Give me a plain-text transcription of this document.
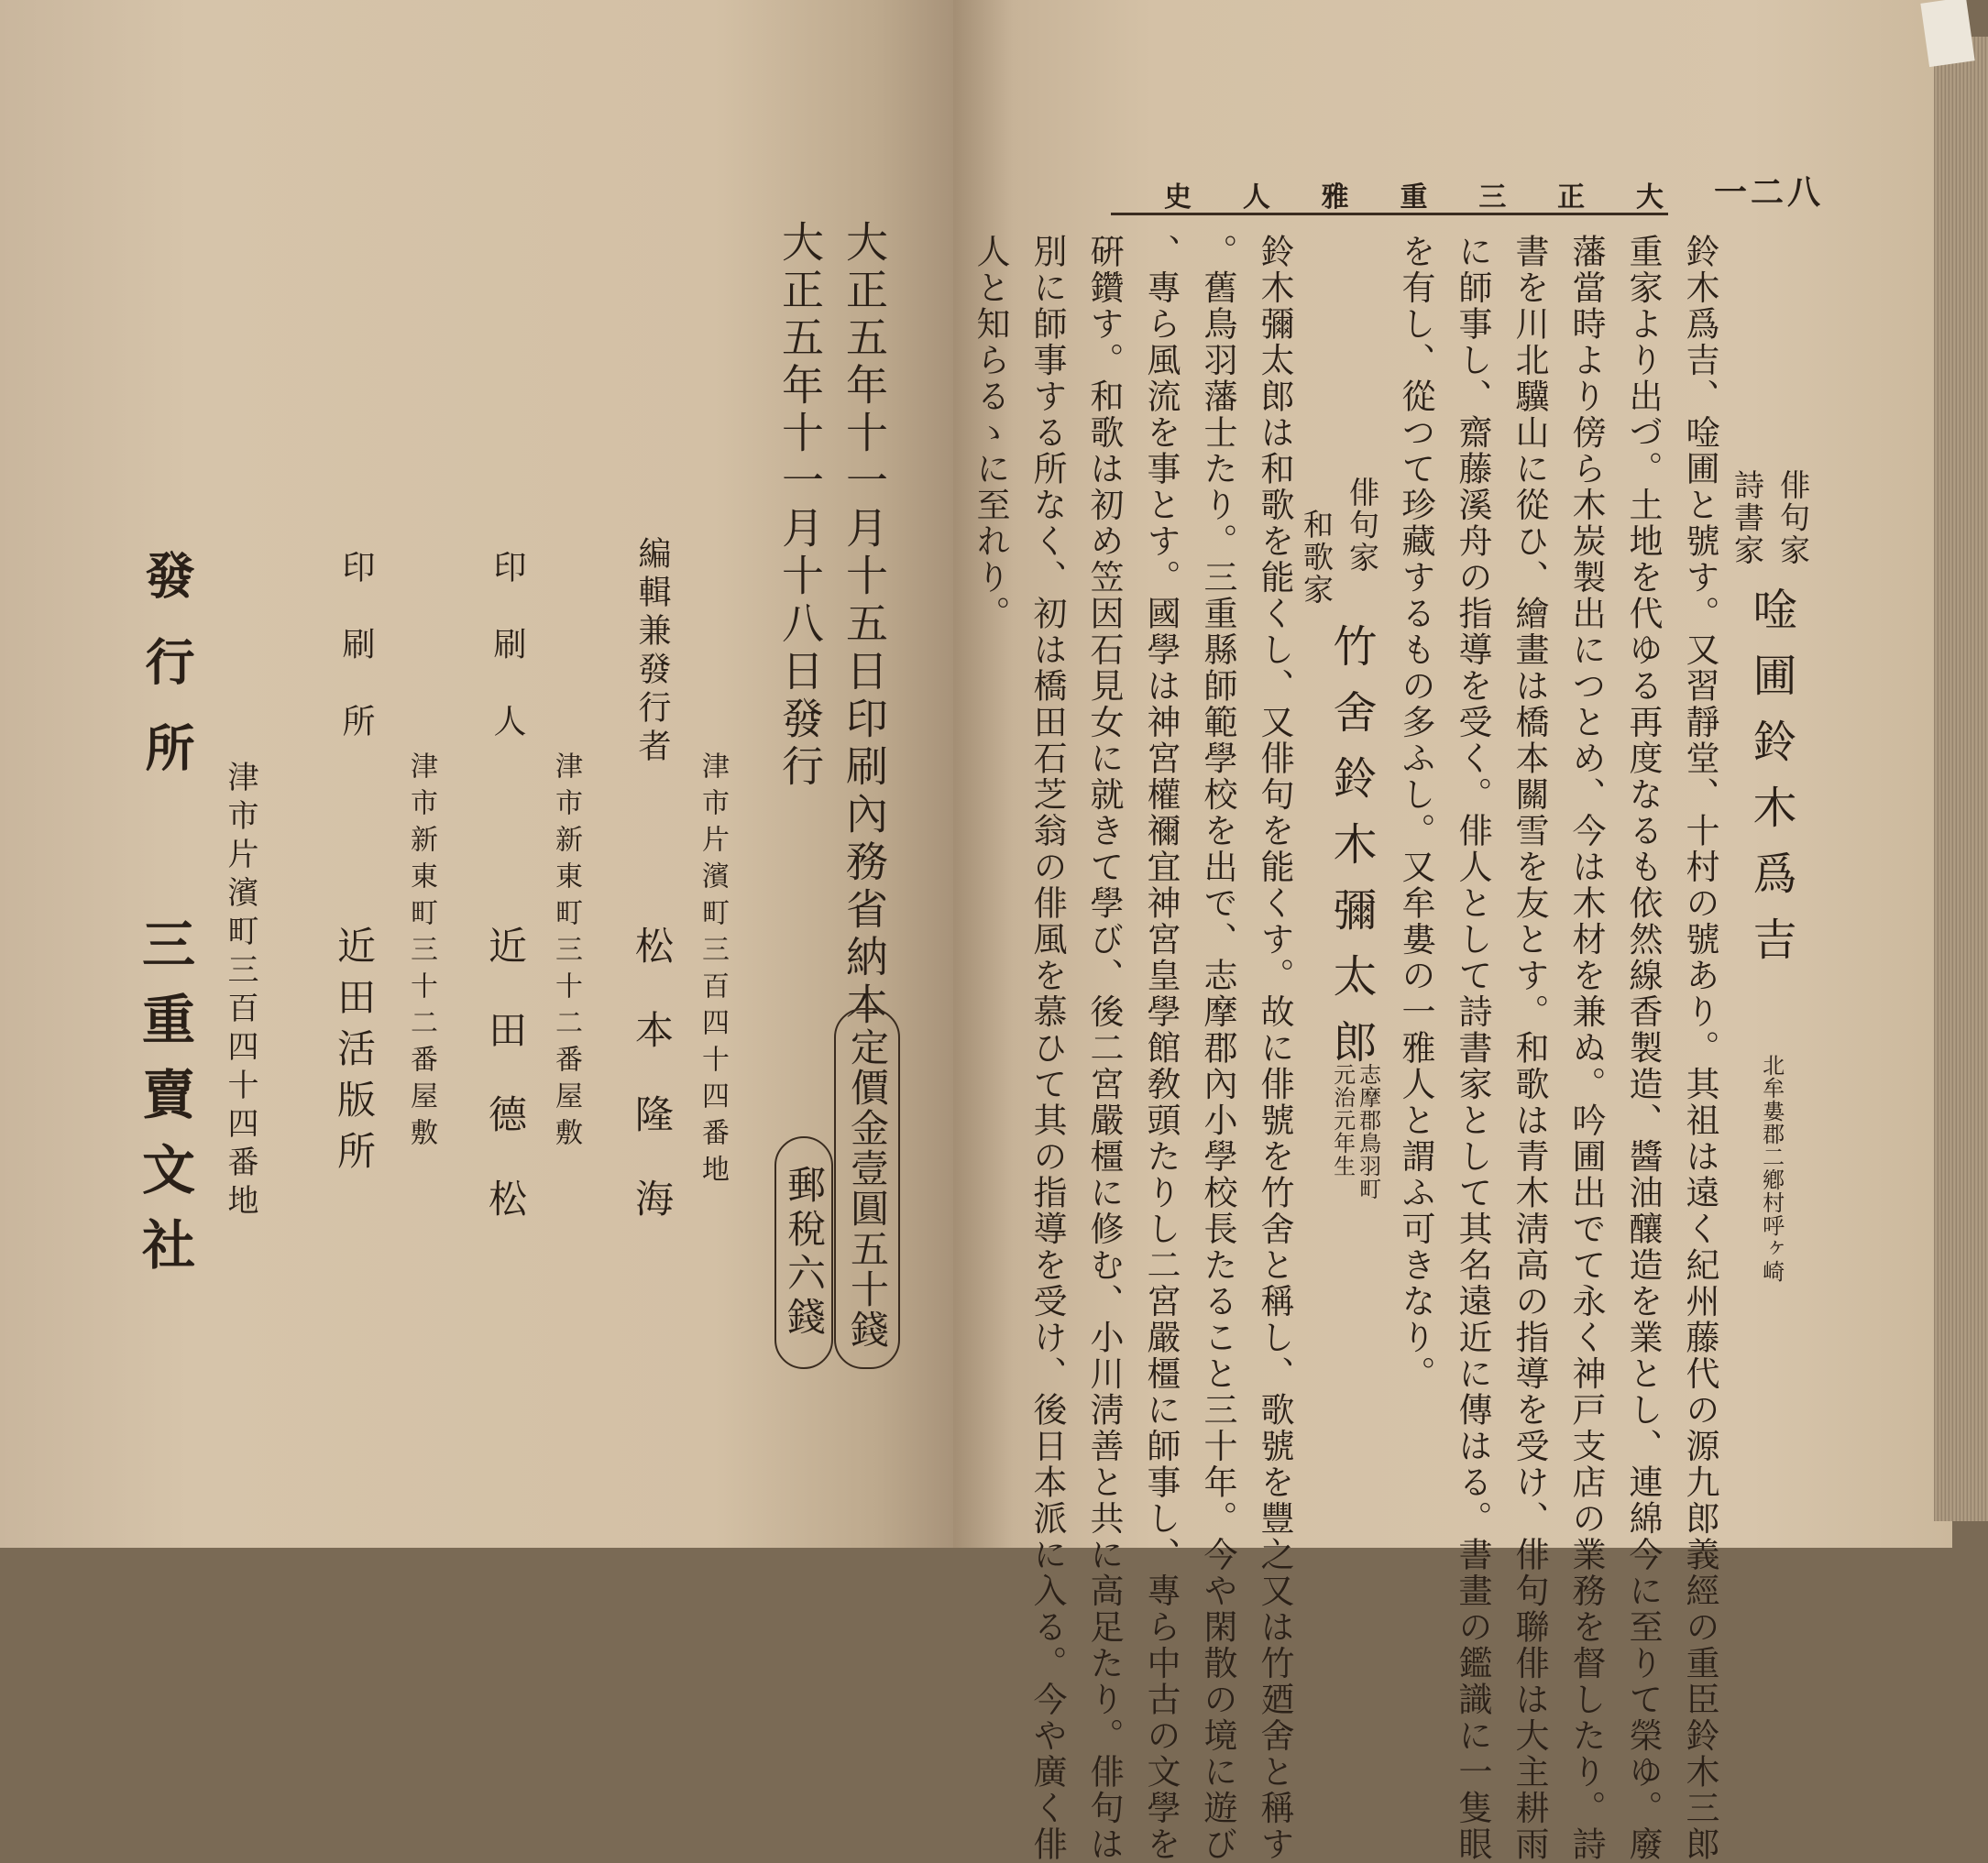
一二八
史 人 雅 重 三 正 大
北牟婁郡二鄕村呼ヶ崎
唫圃鈴木爲吉
俳句家
詩書家
鈴木爲吉、唫圃と號す。又習靜堂、十村の號あり。其祖は遠く紀州藤代の源九郎義經の重臣鈴木三郎
重家より出づ。土地を代ゆる再度なるも依然線香製造、醬油釀造を業とし、連綿今に至りて榮ゆ。廢
藩當時より傍ら木炭製出につとめ、今は木材を兼ぬ。吟圃出でて永く神戸支店の業務を督したり。詩
書を川北驥山に從ひ、繪畫は橋本關雪を友とす。和歌は青木淸高の指導を受け、俳句聯俳は大主耕雨
に師事し、齋藤溪舟の指導を受く。俳人として詩書家として其名遠近に傳はる。書畫の鑑識に一隻眼
を有し、從つて珍藏するもの多ふし。又牟婁の一雅人と謂ふ可きなり。
俳句家
和歌家
竹舍鈴木彌太郎
志摩郡鳥羽町
元治元年生
鈴木彌太郎は和歌を能くし、又俳句を能くす。故に俳號を竹舍と稱し、歌號を豐之又は竹廼舍と稱す
。舊鳥羽藩士たり。三重縣師範學校を出で、志摩郡內小學校長たること三十年。今や閑散の境に遊び
、專ら風流を事とす。國學は神宮權禰宜神宮皇學館敎頭たりし二宮嚴橿に師事し、專ら中古の文學を
硏鑽す。和歌は初め笠因石見女に就きて學び、後二宮嚴橿に修む、小川淸善と共に高足たり。俳句は
別に師事する所なく、初は橋田石芝翁の俳風を慕ひて其の指導を受け、後日本派に入る。今や廣く俳
人と知らるゝに至れり。
大正五年十一月十五日印刷內務省納本
大正五年十一月十八日發行
定價金壹圓五十錢
郵稅六錢
津市片濱町三百四十四番地
編輯兼發行者
松本隆海
津市新東町三十二番屋敷
印刷人
近田德松
津市新東町三十二番屋敷
印刷所
近田活版所
津市片濱町三百四十四番地
發行所
三重賣文社
